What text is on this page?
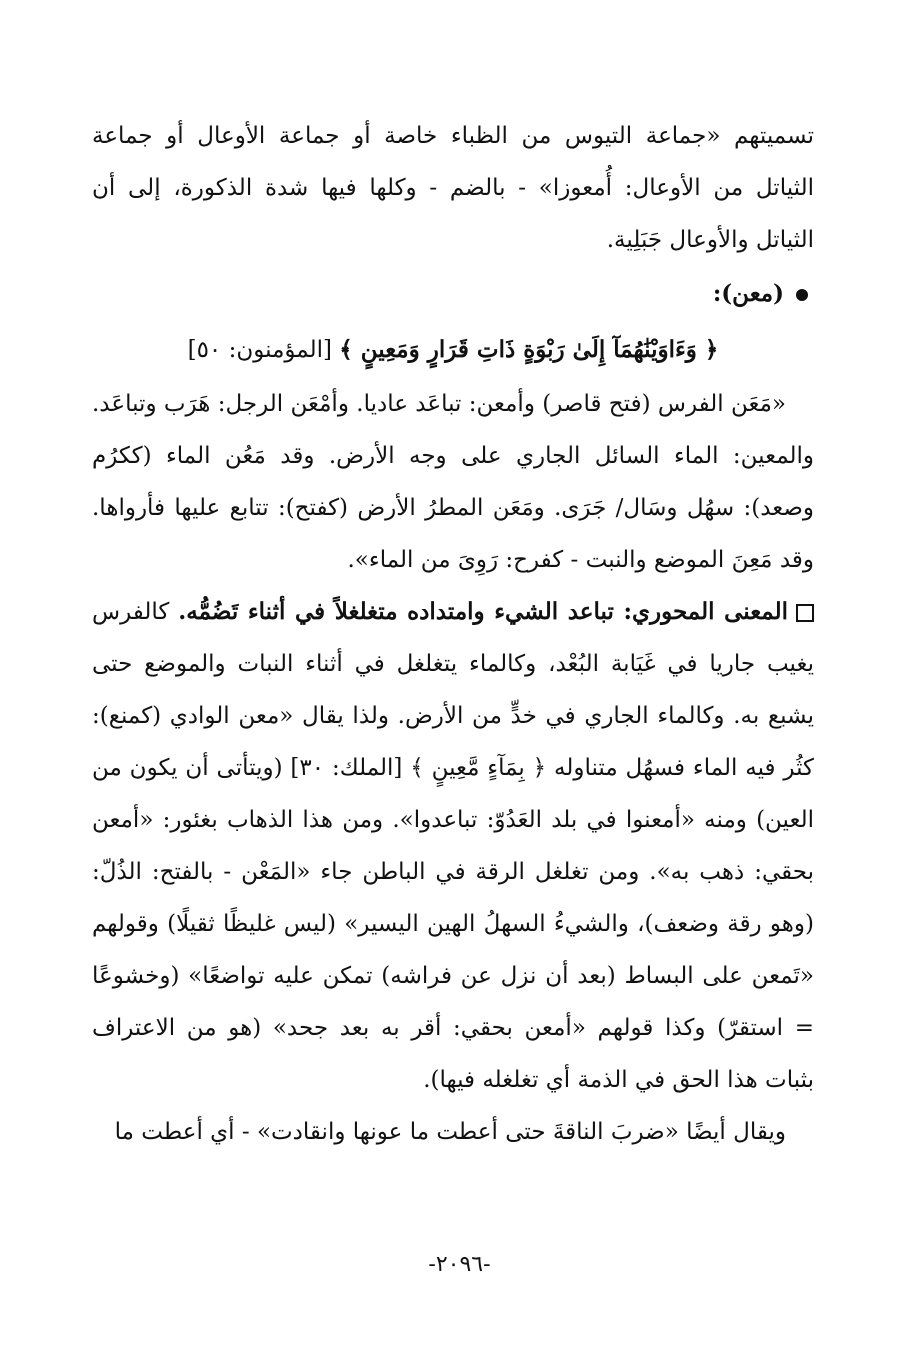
تسميتهم «جماعة التيوس من الظباء خاصة أو جماعة الأوعال أو جماعة الثياتل من الأوعال: أُمعوزا» - بالضم - وكلها فيها شدة الذكورة، إلى أن الثياتل والأوعال جَبَلِية.

(معن):

﴿ وَءَاوَيْنَٰهُمَآ إِلَىٰ رَبْوَةٍ ذَاتِ قَرَارٍ وَمَعِينٍ ﴾ [المؤمنون: ٥٠]

«مَعَن الفرس (فتح قاصر) وأمعن: تباعَد عاديا. وأمْعَن الرجل: هَرَب وتباعَد. والمعين: الماء السائل الجاري على وجه الأرض. وقد مَعُن الماء (ككرُم وصعد): سهُل وسَال/ جَرَى. ومَعَن المطرُ الأرض (كفتح): تتابع عليها فأرواها. وقد مَعِنَ الموضع والنبت - كفرح: رَوِىَ من الماء».

المعنى المحوري: تباعد الشيء وامتداده متغلغلاً في أثناء تَضُمُّه. كالفرس يغيب جاريا في غَيَابة البُعْد، وكالماء يتغلغل في أثناء النبات والموضع حتى يشبع به. وكالماء الجاري في خدٍّ من الأرض. ولذا يقال «معن الوادي (كمنع): كثُر فيه الماء فسهُل متناوله ﴿ بِمَآءٍ مَّعِينٍ ﴾ [الملك: ٣٠] (ويتأتى أن يكون من العين) ومنه «أمعنوا في بلد العَدُوّ: تباعدوا». ومن هذا الذهاب بغئور: «أمعن بحقي: ذهب به». ومن تغلغل الرقة في الباطن جاء «المَعْن - بالفتح: الذُلّ: (وهو رقة وضعف)، والشيءُ السهلُ الهين اليسير» (ليس غليظًا ثقيلًا) وقولهم «تَمعن على البساط (بعد أن نزل عن فراشه) تمكن عليه تواضعًا» (وخشوعًا = استقرّ) وكذا قولهم «أمعن بحقي: أقر به بعد جحد» (هو من الاعتراف بثبات هذا الحق في الذمة أي تغلغله فيها).

ويقال أيضًا «ضربَ الناقةَ حتى أعطت ما عونها وانقادت» - أي أعطت ما

-٢٠٩٦-
